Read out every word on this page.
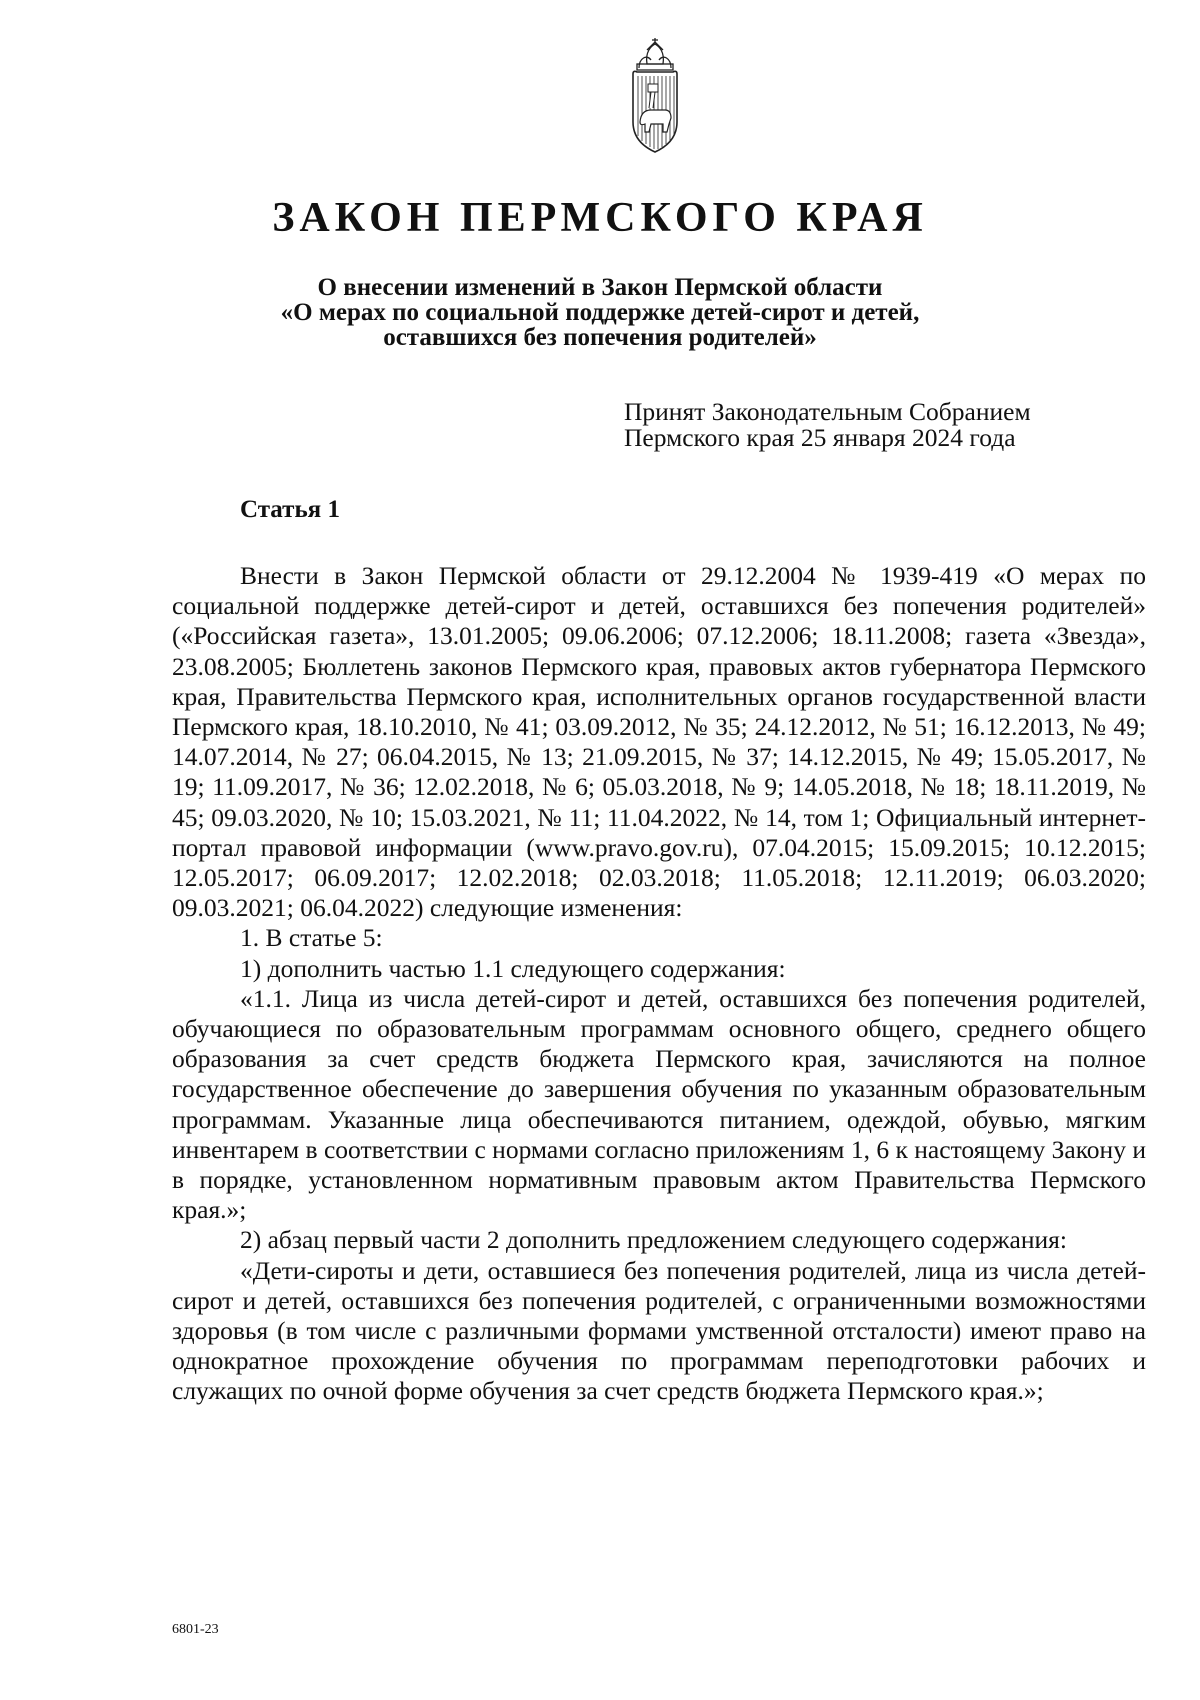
ЗАКОН ПЕРМСКОГО КРАЯ
О внесении изменений в Закон Пермской области
«О мерах по социальной поддержке детей-сирот и детей,
оставшихся без попечения родителей»
Принят Законодательным Собранием
Пермского края 25 января 2024 года
Статья 1

Внести в Закон Пермской области от 29.12.2004 № 1939-419 «О мерах по социальной поддержке детей-сирот и детей, оставшихся без попечения родителей» («Российская газета», 13.01.2005; 09.06.2006; 07.12.2006; 18.11.2008; газета «Звезда», 23.08.2005; Бюллетень законов Пермского края, правовых актов губернатора Пермского края, Правительства Пермского края, исполнительных органов государственной власти Пермского края, 18.10.2010, № 41; 03.09.2012, № 35; 24.12.2012, № 51; 16.12.2013, № 49; 14.07.2014, № 27; 06.04.2015, № 13; 21.09.2015, № 37; 14.12.2015, № 49; 15.05.2017, № 19; 11.09.2017, № 36; 12.02.2018, № 6; 05.03.2018, № 9; 14.05.2018, № 18; 18.11.2019, № 45; 09.03.2020, № 10; 15.03.2021, № 11; 11.04.2022, № 14, том 1; Официальный интернет-портал правовой информации (www.pravo.gov.ru), 07.04.2015; 15.09.2015; 10.12.2015; 12.05.2017; 06.09.2017; 12.02.2018; 02.03.2018; 11.05.2018; 12.11.2019; 06.03.2020; 09.03.2021; 06.04.2022) следующие изменения:

1. В статье 5:

1) дополнить частью 1.1 следующего содержания:

«1.1. Лица из числа детей-сирот и детей, оставшихся без попечения родителей, обучающиеся по образовательным программам основного общего, среднего общего образования за счет средств бюджета Пермского края, зачисляются на полное государственное обеспечение до завершения обучения по указанным образовательным программам. Указанные лица обеспечиваются питанием, одеждой, обувью, мягким инвентарем в соответствии с нормами согласно приложениям 1, 6 к настоящему Закону и в порядке, установленном нормативным правовым актом Правительства Пермского края.»;

2) абзац первый части 2 дополнить предложением следующего содержания:

«Дети-сироты и дети, оставшиеся без попечения родителей, лица из числа детей-сирот и детей, оставшихся без попечения родителей, с ограниченными возможностями здоровья (в том числе с различными формами умственной отсталости) имеют право на однократное прохождение обучения по программам переподготовки рабочих и служащих по очной форме обучения за счет средств бюджета Пермского края.»;

6801-23
